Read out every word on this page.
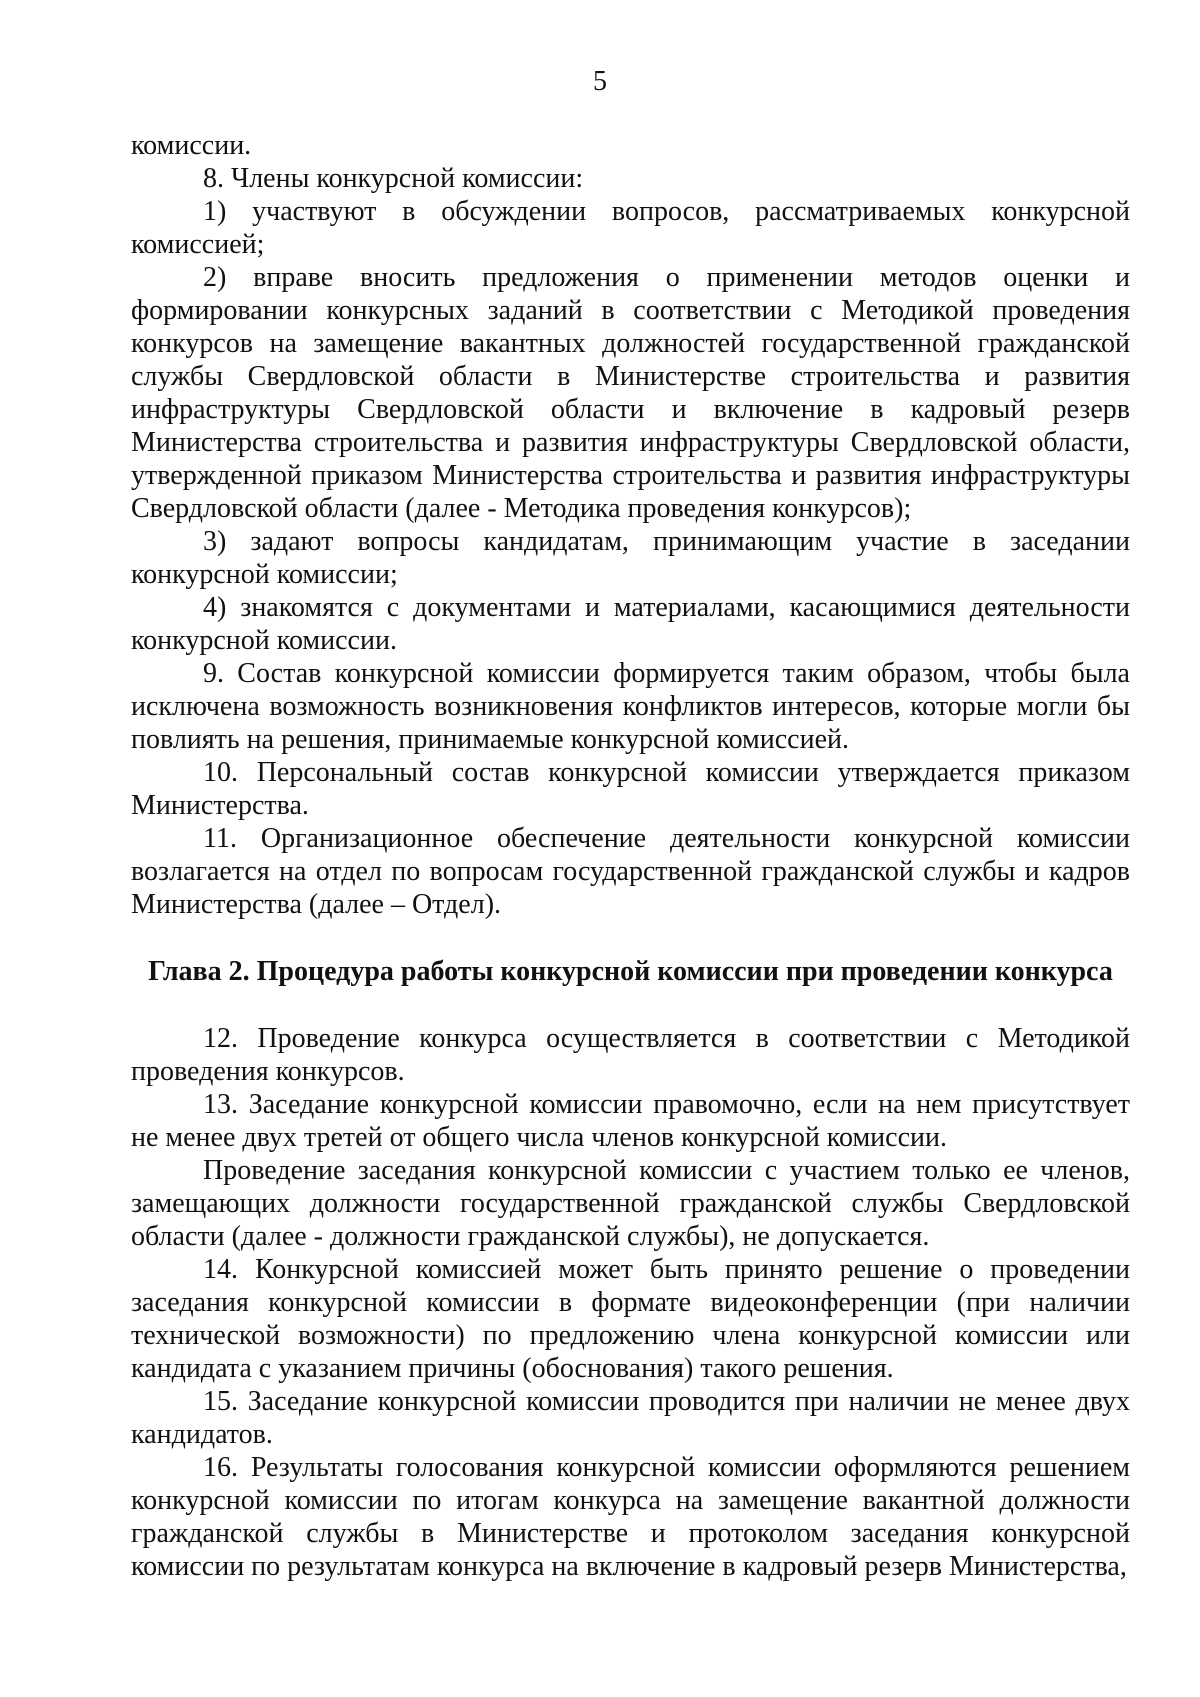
5

комиссии.

8. Члены конкурсной комиссии:

1) участвуют в обсуждении вопросов, рассматриваемых конкурсной комиссией;

2) вправе вносить предложения о применении методов оценки и формировании конкурсных заданий в соответствии с Методикой проведения конкурсов на замещение вакантных должностей государственной гражданской службы Свердловской области в Министерстве строительства и развития инфраструктуры Свердловской области и включение в кадровый резерв Министерства строительства и развития инфраструктуры Свердловской области, утвержденной приказом Министерства строительства и развития инфраструктуры Свердловской области (далее - Методика проведения конкурсов);

3) задают вопросы кандидатам, принимающим участие в заседании конкурсной комиссии;

4) знакомятся с документами и материалами, касающимися деятельности конкурсной комиссии.

9. Состав конкурсной комиссии формируется таким образом, чтобы была исключена возможность возникновения конфликтов интересов, которые могли бы повлиять на решения, принимаемые конкурсной комиссией.

10. Персональный состав конкурсной комиссии утверждается приказом Министерства.

11. Организационное обеспечение деятельности конкурсной комиссии возлагается на отдел по вопросам государственной гражданской службы и кадров Министерства (далее – Отдел).

Глава 2. Процедура работы конкурсной комиссии при проведении конкурса

12. Проведение конкурса осуществляется в соответствии с Методикой проведения конкурсов.

13. Заседание конкурсной комиссии правомочно, если на нем присутствует не менее двух третей от общего числа членов конкурсной комиссии.

Проведение заседания конкурсной комиссии с участием только ее членов, замещающих должности государственной гражданской службы Свердловской области (далее - должности гражданской службы), не допускается.

14. Конкурсной комиссией может быть принято решение о проведении заседания конкурсной комиссии в формате видеоконференции (при наличии технической возможности) по предложению члена конкурсной комиссии или кандидата с указанием причины (обоснования) такого решения.

15. Заседание конкурсной комиссии проводится при наличии не менее двух кандидатов.

16. Результаты голосования конкурсной комиссии оформляются решением конкурсной комиссии по итогам конкурса на замещение вакантной должности гражданской службы в Министерстве и протоколом заседания конкурсной комиссии по результатам конкурса на включение в кадровый резерв Министерства,
